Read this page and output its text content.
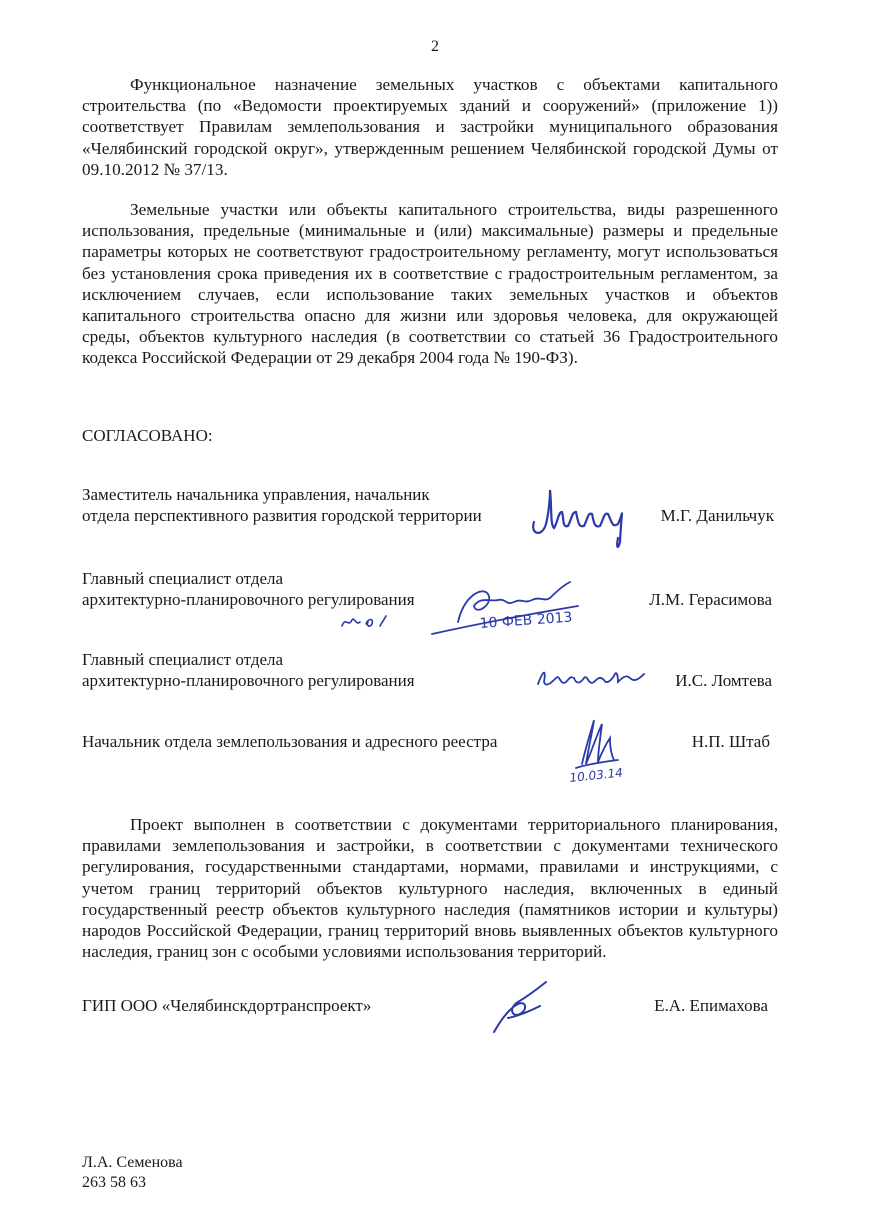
2
Функциональное назначение земельных участков с объектами капитального строительства (по «Ведомости проектируемых зданий и сооружений» (приложение 1)) соответствует Правилам землепользования и застройки муниципального образования «Челябинский городской округ», утвержденным решением Челябинской городской Думы от 09.10.2012 № 37/13.
Земельные участки или объекты капитального строительства, виды разрешенного использования, предельные (минимальные и (или) максимальные) размеры и предельные параметры которых не соответствуют градостроительному регламенту, могут использоваться без установления срока приведения их в соответствие с градостроительным регламентом, за исключением случаев, если использование таких земельных участков и объектов капитального строительства опасно для жизни или здоровья человека, для окружающей среды, объектов культурного наследия (в соответствии со статьей 36 Градостроительного кодекса Российской Федерации от 29 декабря 2004 года № 190-ФЗ).
СОГЛАСОВАНО:
Заместитель начальника управления, начальник
отдела перспективного развития городской территории	М.Г. Данильчук
Главный специалист отдела
архитектурно-планировочного регулирования	Л.М. Герасимова
Главный специалист отдела
архитектурно-планировочного регулирования	И.С. Ломтева
Начальник отдела землепользования и адресного реестра	Н.П. Штаб
10 ФЕВ 2013
10.03.14
Проект выполнен в соответствии с документами территориального планирования, правилами землепользования и застройки, в соответствии с документами технического регулирования, государственными стандартами, нормами, правилами и инструкциями, с учетом границ территорий объектов культурного наследия, включенных в единый государственный реестр объектов культурного наследия (памятников истории и культуры) народов Российской Федерации, границ территорий вновь выявленных объектов культурного наследия, границ зон с особыми условиями использования территорий.
ГИП ООО «Челябинскдортранспроект»	Е.А. Епимахова
Л.А. Семенова
263 58 63
